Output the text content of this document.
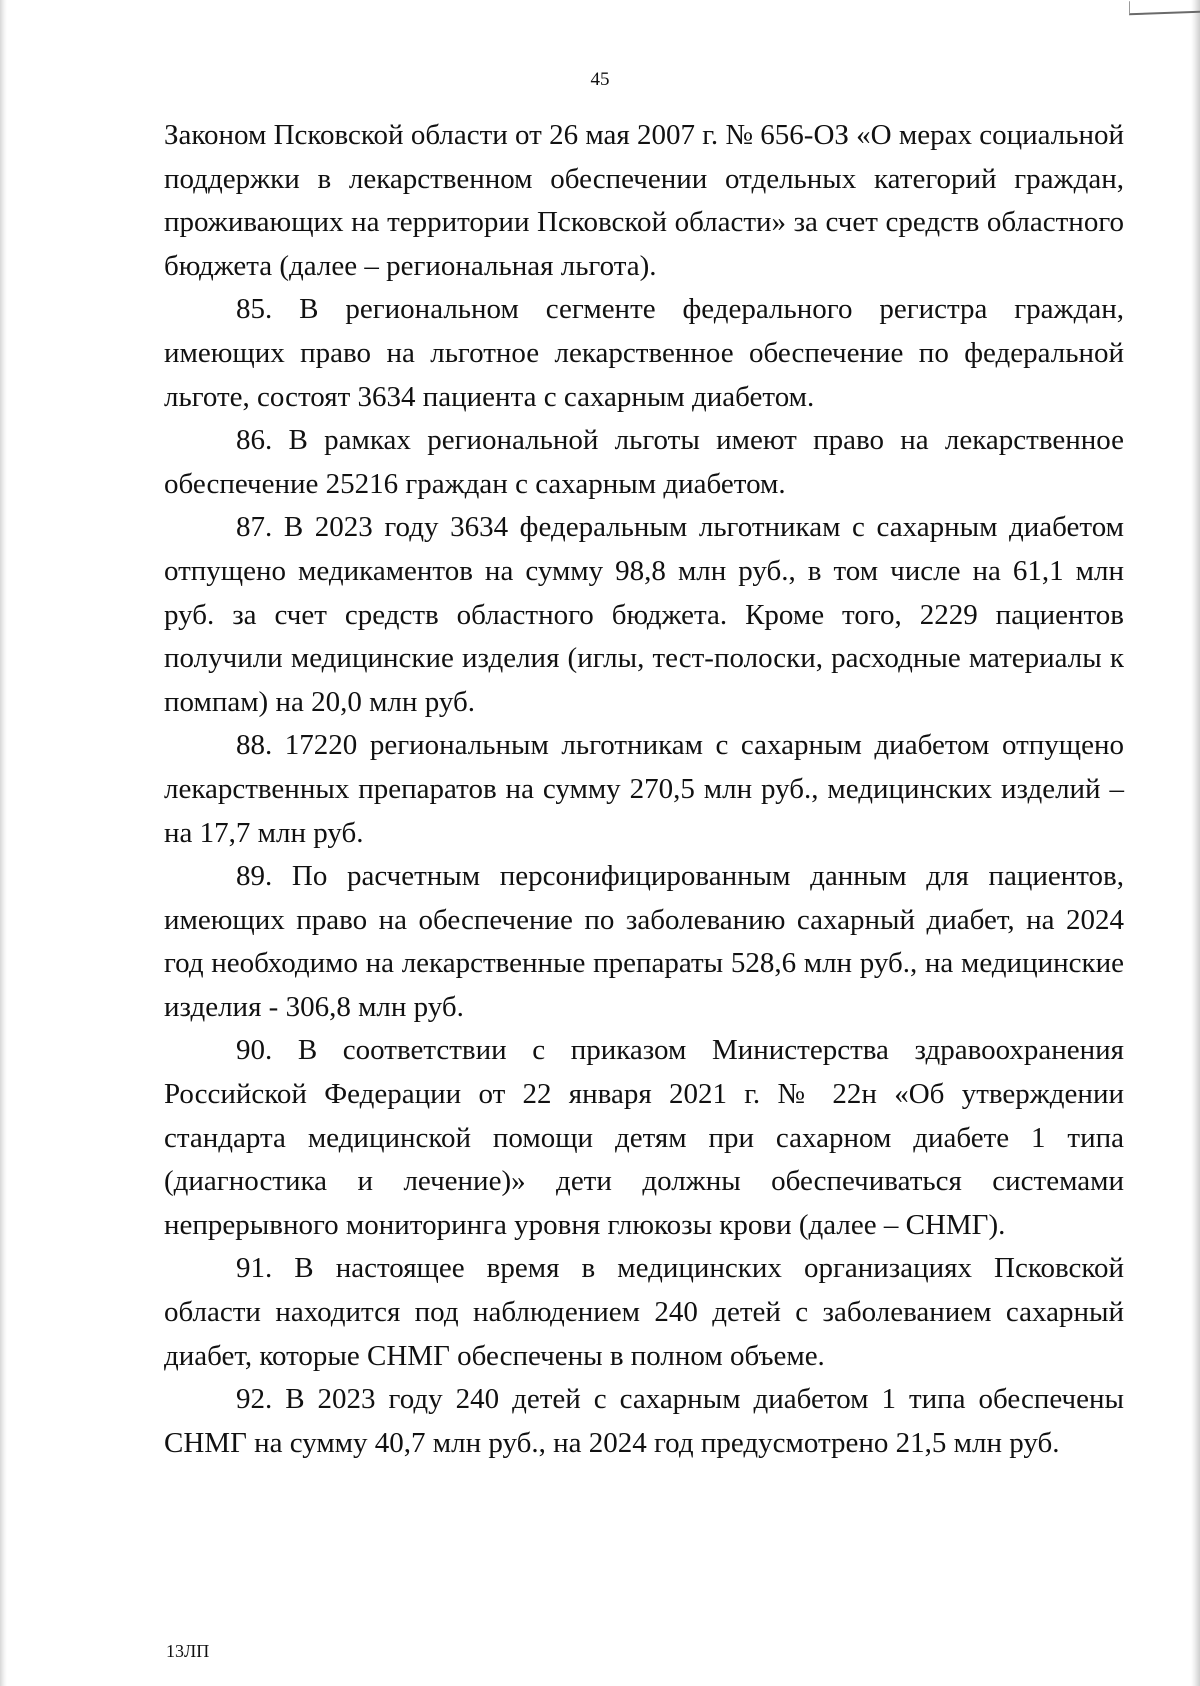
45

Законом Псковской области от 26 мая 2007 г. № 656-ОЗ «О мерах социальной поддержки в лекарственном обеспечении отдельных категорий граждан, проживающих на территории Псковской области» за счет средств областного бюджета (далее – региональная льгота).

85. В региональном сегменте федерального регистра граждан, имеющих право на льготное лекарственное обеспечение по федеральной льготе, состоят 3634 пациента с сахарным диабетом.

86. В рамках региональной льготы имеют право на лекарственное обеспечение 25216 граждан с сахарным диабетом.

87. В 2023 году 3634 федеральным льготникам с сахарным диабетом отпущено медикаментов на сумму 98,8 млн руб., в том числе на 61,1 млн руб. за счет средств областного бюджета. Кроме того, 2229 пациентов получили медицинские изделия (иглы, тест-полоски, расходные материалы к помпам) на 20,0 млн руб.

88. 17220 региональным льготникам с сахарным диабетом отпущено лекарственных препаратов на сумму 270,5 млн руб., медицинских изделий – на 17,7 млн руб.

89. По расчетным персонифицированным данным для пациентов, имеющих право на обеспечение по заболеванию сахарный диабет, на 2024 год необходимо на лекарственные препараты 528,6 млн руб., на медицинские изделия - 306,8 млн руб.

90. В соответствии с приказом Министерства здравоохранения Российской Федерации от 22 января 2021 г. № 22н «Об утверждении стандарта медицинской помощи детям при сахарном диабете 1 типа (диагностика и лечение)» дети должны обеспечиваться системами непрерывного мониторинга уровня глюкозы крови (далее – СНМГ).

91. В настоящее время в медицинских организациях Псковской области находится под наблюдением 240 детей с заболеванием сахарный диабет, которые СНМГ обеспечены в полном объеме.

92. В 2023 году 240 детей с сахарным диабетом 1 типа обеспечены СНМГ на сумму 40,7 млн руб., на 2024 год предусмотрено 21,5 млн руб.

13ЛП
